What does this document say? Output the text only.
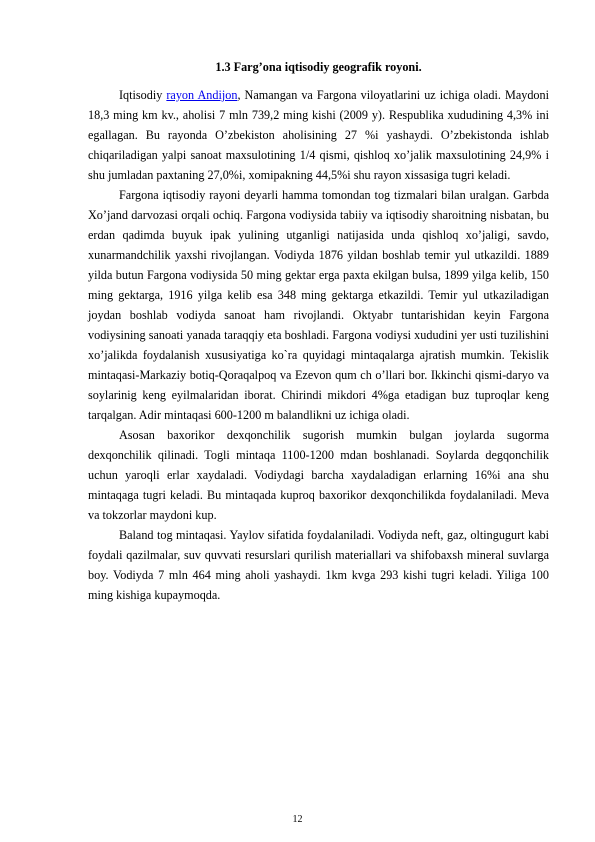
1.3 Farg’ona iqtisodiy geografik royoni.

Iqtisodiy rayon Andijon, Namangan va Fargona viloyatlarini uz ichiga oladi. Maydoni 18,3 ming km kv., aholisi 7 mln 739,2 ming kishi (2009 y). Respublika xududining 4,3% ini egallagan. Bu rayonda O’zbekiston aholisining 27 %i yashaydi. O’zbekistonda ishlab chiqariladigan yalpi sanoat maxsulotining 1/4 qismi, qishloq xo’jalik maxsulotining 24,9% i shu jumladan paxtaning 27,0%i, xomipakning 44,5%i shu rayon xissasiga tugri keladi.

Fargona iqtisodiy rayoni deyarli hamma tomondan tog tizmalari bilan uralgan. Garbda Xo’jand darvozasi orqali ochiq. Fargona vodiysida tabiiy va iqtisodiy sharoitning nisbatan, bu erdan qadimda buyuk ipak yulining utganligi natijasida unda qishloq xo’jaligi, savdo, xunarmandchilik yaxshi rivojlangan. Vodiyda 1876 yildan boshlab temir yul utkazildi. 1889 yilda butun Fargona vodiysida 50 ming gektar erga paxta ekilgan bulsa, 1899 yilga kelib, 150 ming gektarga, 1916 yilga kelib esa 348 ming gektarga etkazildi. Temir yul utkaziladigan joydan boshlab vodiyda sanoat ham rivojlandi. Oktyabr tuntarishidan keyin Fargona vodiysining sanoati yanada taraqqiy eta boshladi. Fargona vodiysi xududini yer usti tuzilishini xo’jalikda foydalanish xususiyatiga ko`ra quyidagi mintaqalarga ajratish mumkin. Tekislik mintaqasi-Markaziy botiq-Qoraqalpoq va Ezevon qum ch o’llari bor. Ikkinchi qismi-daryo va soylarinig keng eyilmalaridan iborat. Chirindi mikdori 4%ga etadigan buz tuproqlar keng tarqalgan. Adir mintaqasi 600-1200 m balandlikni uz ichiga oladi.

Asosan baxorikor dexqonchilik sugorish mumkin bulgan joylarda sugorma dexqonchilik qilinadi. Togli mintaqa 1100-1200 mdan boshlanadi. Soylarda degqonchilik uchun yaroqli erlar xaydaladi. Vodiydagi barcha xaydaladigan erlarning 16%i ana shu mintaqaga tugri keladi. Bu mintaqada kuproq baxorikor dexqonchilikda foydalaniladi. Meva va tokzorlar maydoni kup.

Baland tog mintaqasi. Yaylov sifatida foydalaniladi. Vodiyda neft, gaz, oltingugurt kabi foydali qazilmalar, suv quvvati resurslari qurilish materiallari va shifobaxsh mineral suvlarga boy. Vodiyda 7 mln 464 ming aholi yashaydi. 1km kvga 293 kishi tugri keladi. Yiliga 100 ming kishiga kupaymoqda.

12
